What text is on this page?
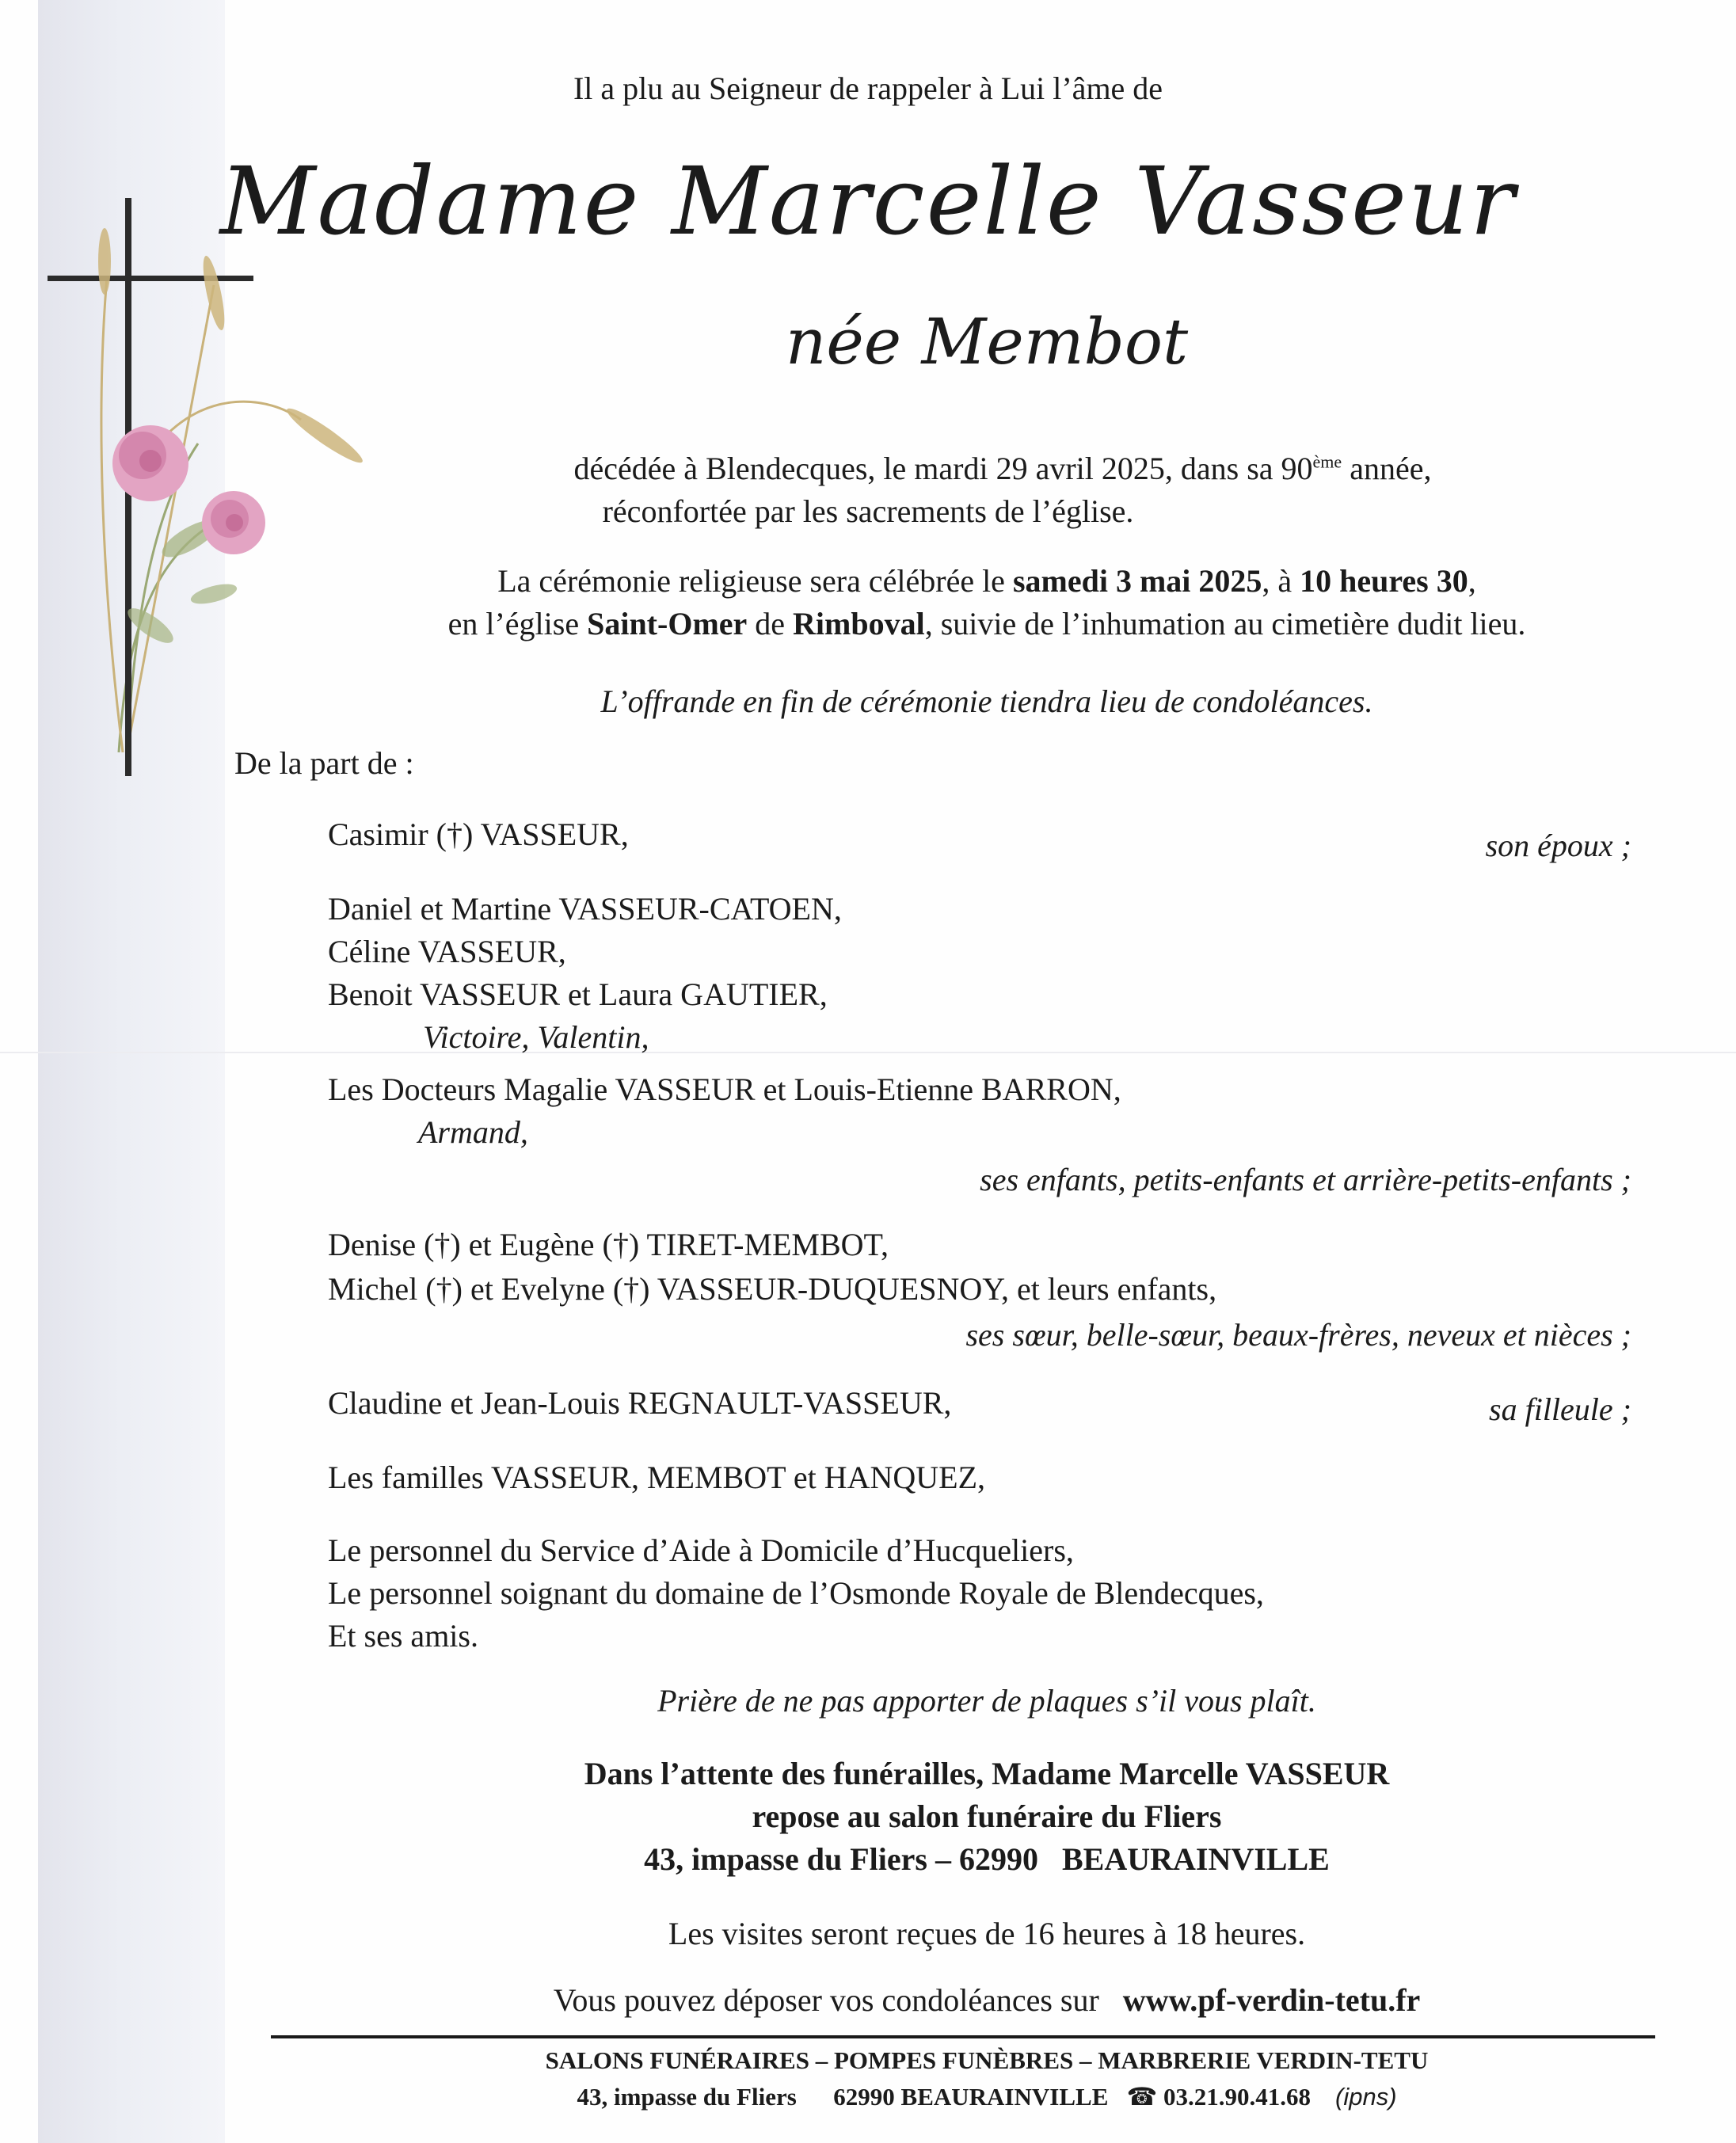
Il a plu au Seigneur de rappeler à Lui l’âme de
Madame Marcelle Vasseur
née Membot
décédée à Blendecques, le mardi 29 avril 2025, dans sa 90ème année,
réconfortée par les sacrements de l’église.
La cérémonie religieuse sera célébrée le samedi 3 mai 2025, à 10 heures 30,
en l’église Saint-Omer de Rimboval, suivie de l’inhumation au cimetière dudit lieu.
L’offrande en fin de cérémonie tiendra lieu de condoléances.
De la part de :
Casimir (†) VASSEUR,	son époux ;
Daniel et Martine VASSEUR-CATOEN,
Céline VASSEUR,
Benoit VASSEUR et Laura GAUTIER,
Victoire, Valentin,
Les Docteurs Magalie VASSEUR et Louis-Etienne BARRON,
Armand,
ses enfants, petits-enfants et arrière-petits-enfants ;
Denise (†) et Eugène (†) TIRET-MEMBOT,
Michel (†) et Evelyne (†) VASSEUR-DUQUESNOY, et leurs enfants,
ses sœur, belle-sœur, beaux-frères, neveux et nièces ;
Claudine et Jean-Louis REGNAULT-VASSEUR,	sa filleule ;
Les familles VASSEUR, MEMBOT et HANQUEZ,
Le personnel du Service d’Aide à Domicile d’Hucqueliers,
Le personnel soignant du domaine de l’Osmonde Royale de Blendecques,
Et ses amis.
Prière de ne pas apporter de plaques s’il vous plaît.
Dans l’attente des funérailles, Madame Marcelle VASSEUR
repose au salon funéraire du Fliers
43, impasse du Fliers – 62990   BEAURAINVILLE
Les visites seront reçues de 16 heures à 18 heures.
Vous pouvez déposer vos condoléances sur www.pf-verdin-tetu.fr
SALONS FUNÉRAIRES – POMPES FUNÈBRES – MARBRERIE VERDIN-TETU
43, impasse du Fliers 62990 BEAURAINVILLE ☎ 03.21.90.41.68 (ipns)
